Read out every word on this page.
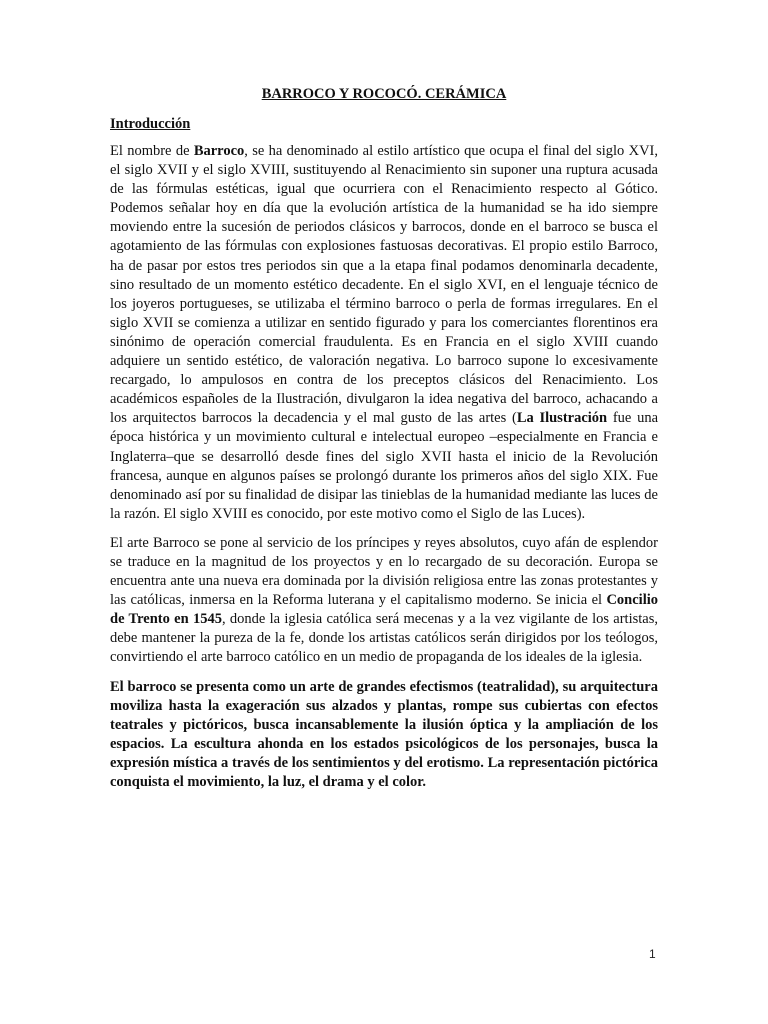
BARROCO Y ROCOCÓ. CERÁMICA
Introducción

El nombre de Barroco, se ha denominado al estilo artístico que ocupa el final del siglo XVI, el siglo XVII y el siglo XVIII, sustituyendo al Renacimiento sin suponer una ruptura acusada de las fórmulas estéticas, igual que ocurriera con el Renacimiento respecto al Gótico. Podemos señalar hoy en día que la evolución artística de la humanidad se ha ido siempre moviendo entre la sucesión de periodos clásicos y barrocos, donde en el barroco se busca el agotamiento de las fórmulas con explosiones fastuosas decorativas. El propio estilo Barroco, ha de pasar por estos tres periodos sin que a la etapa final podamos denominarla decadente, sino resultado de un momento estético decadente. En el siglo XVI, en el lenguaje técnico de los joyeros portugueses, se utilizaba el término barroco o perla de formas irregulares. En el siglo XVII se comienza a utilizar en sentido figurado y para los comerciantes florentinos era sinónimo de operación comercial fraudulenta. Es en Francia en el siglo XVIII cuando adquiere un sentido estético, de valoración negativa. Lo barroco supone lo excesivamente recargado, lo ampulosos en contra de los preceptos clásicos del Renacimiento. Los académicos españoles de la Ilustración, divulgaron la idea negativa del barroco, achacando a los arquitectos barrocos la decadencia y el mal gusto de las artes (La Ilustración fue una época histórica y un movimiento cultural e intelectual europeo –especialmente en Francia e Inglaterra–que se desarrolló desde fines del siglo XVII hasta el inicio de la Revolución francesa, aunque en algunos países se prolongó durante los primeros años del siglo XIX. Fue denominado así por su finalidad de disipar las tinieblas de la humanidad mediante las luces de la razón. El siglo XVIII es conocido, por este motivo como el Siglo de las Luces).

El arte Barroco se pone al servicio de los príncipes y reyes absolutos, cuyo afán de esplendor se traduce en la magnitud de los proyectos y en lo recargado de su decoración. Europa se encuentra ante una nueva era dominada por la división religiosa entre las zonas protestantes y las católicas, inmersa en la Reforma luterana y el capitalismo moderno. Se inicia el Concilio de Trento en 1545, donde la iglesia católica será mecenas y a la vez vigilante de los artistas, debe mantener la pureza de la fe, donde los artistas católicos serán dirigidos por los teólogos, convirtiendo el arte barroco católico en un medio de propaganda de los ideales de la iglesia.

El barroco se presenta como un arte de grandes efectismos (teatralidad), su arquitectura moviliza hasta la exageración sus alzados y plantas, rompe sus cubiertas con efectos teatrales y pictóricos, busca incansablemente la ilusión óptica y la ampliación de los espacios. La escultura ahonda en los estados psicológicos de los personajes, busca la expresión mística a través de los sentimientos y del erotismo. La representación pictórica conquista el movimiento, la luz, el drama y el color.

1
